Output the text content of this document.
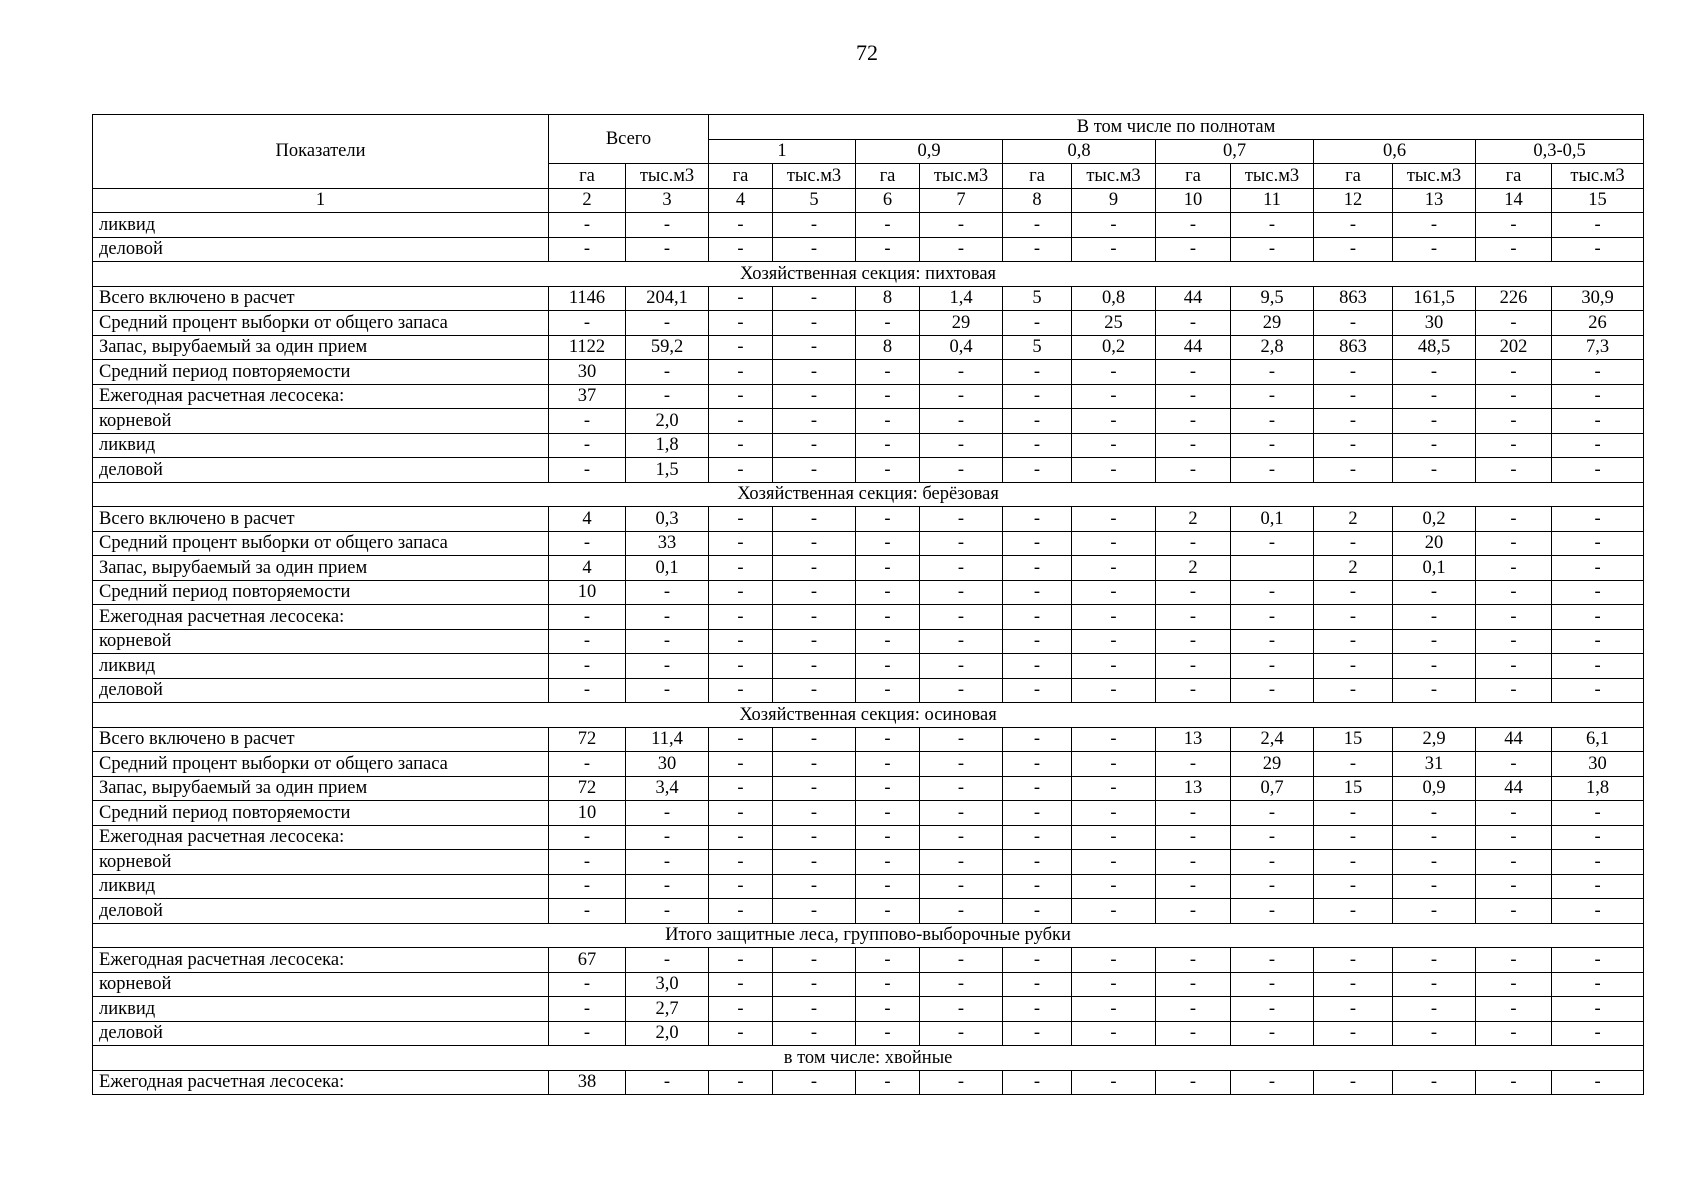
72
Показатели	Всего		В том числе по полнотам											
			1		0,9		0,8		0,7		0,6		0,3-0,5	
	га	тыс.м3	га	тыс.м3	га	тыс.м3	га	тыс.м3	га	тыс.м3	га	тыс.м3	га	тыс.м3
1	2	3	4	5	6	7	8	9	10	11	12	13	14	15
ликвид	-	-	-	-	-	-	-	-	-	-	-	-	-	-
деловой	-	-	-	-	-	-	-	-	-	-	-	-	-	-
Хозяйственная секция: пихтовая														
Всего включено в расчет	1146	204,1	-	-	8	1,4	5	0,8	44	9,5	863	161,5	226	30,9
Средний процент выборки от общего запаса	-	-	-	-	-	29	-	25	-	29	-	30	-	26
Запас, вырубаемый за один прием	1122	59,2	-	-	8	0,4	5	0,2	44	2,8	863	48,5	202	7,3
Средний период повторяемости	30	-	-	-	-	-	-	-	-	-	-	-	-	-
Ежегодная расчетная лесосека:	37	-	-	-	-	-	-	-	-	-	-	-	-	-
корневой	-	2,0	-	-	-	-	-	-	-	-	-	-	-	-
ликвид	-	1,8	-	-	-	-	-	-	-	-	-	-	-	-
деловой	-	1,5	-	-	-	-	-	-	-	-	-	-	-	-
Хозяйственная секция: берёзовая														
Всего включено в расчет	4	0,3	-	-	-	-	-	-	2	0,1	2	0,2	-	-
Средний процент выборки от общего запаса	-	33	-	-	-	-	-	-	-	-	-	20	-	-
Запас, вырубаемый за один прием	4	0,1	-	-	-	-	-	-	2		2	0,1	-	-
Средний период повторяемости	10	-	-	-	-	-	-	-	-	-	-	-	-	-
Ежегодная расчетная лесосека:	-	-	-	-	-	-	-	-	-	-	-	-	-	-
корневой	-	-	-	-	-	-	-	-	-	-	-	-	-	-
ликвид	-	-	-	-	-	-	-	-	-	-	-	-	-	-
деловой	-	-	-	-	-	-	-	-	-	-	-	-	-	-
Хозяйственная секция: осиновая														
Всего включено в расчет	72	11,4	-	-	-	-	-	-	13	2,4	15	2,9	44	6,1
Средний процент выборки от общего запаса	-	30	-	-	-	-	-	-	-	29	-	31	-	30
Запас, вырубаемый за один прием	72	3,4	-	-	-	-	-	-	13	0,7	15	0,9	44	1,8
Средний период повторяемости	10	-	-	-	-	-	-	-	-	-	-	-	-	-
Ежегодная расчетная лесосека:	-	-	-	-	-	-	-	-	-	-	-	-	-	-
корневой	-	-	-	-	-	-	-	-	-	-	-	-	-	-
ликвид	-	-	-	-	-	-	-	-	-	-	-	-	-	-
деловой	-	-	-	-	-	-	-	-	-	-	-	-	-	-
Итого защитные леса, группово-выборочные рубки														
Ежегодная расчетная лесосека:	67	-	-	-	-	-	-	-	-	-	-	-	-	-
корневой	-	3,0	-	-	-	-	-	-	-	-	-	-	-	-
ликвид	-	2,7	-	-	-	-	-	-	-	-	-	-	-	-
деловой	-	2,0	-	-	-	-	-	-	-	-	-	-	-	-
в том числе: хвойные														
Ежегодная расчетная лесосека:	38	-	-	-	-	-	-	-	-	-	-	-	-	-
